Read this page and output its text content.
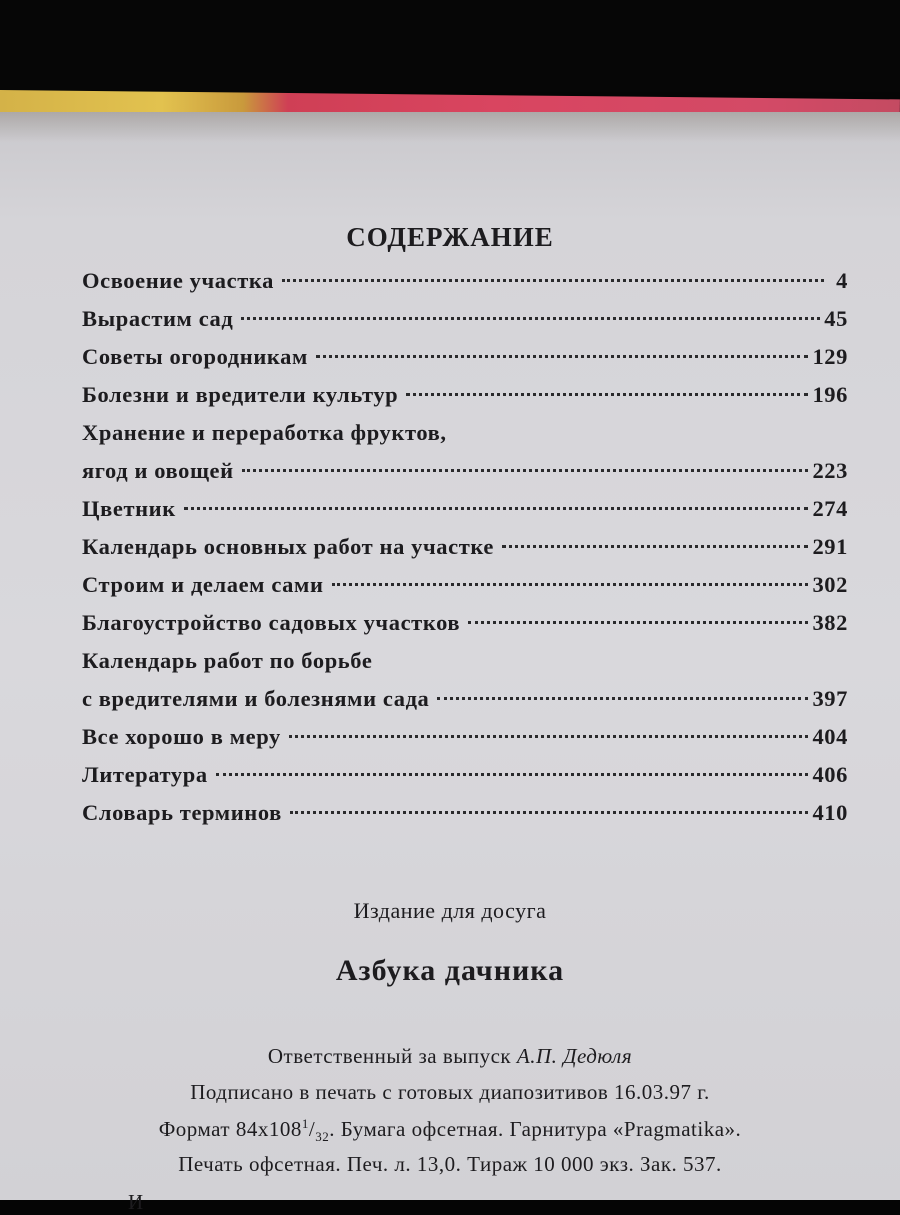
СОДЕРЖАНИЕ
Освоение участка	4
Вырастим сад	45
Советы огородникам	129
Болезни и вредители культур	196
Хранение и переработка фруктов,
ягод и овощей	223
Цветник	274
Календарь основных работ на участке	291
Строим и делаем сами	302
Благоустройство садовых участков	382
Календарь работ по борьбе
с вредителями и болезнями сада	397
Все хорошо в меру	404
Литература	406
Словарь терминов	410
Издание для досуга
Азбука дачника
Ответственный за выпуск А.П. Дедюля
Подписано в печать с готовых диапозитивов 16.03.97 г.
Формат $84x108^1/_{32}$. Бумага офсетная. Гарнитура «Pragmatika».
Печать офсетная. Печ. л. 13,0. Тираж 10 000 экз. Зак. 537.
И
